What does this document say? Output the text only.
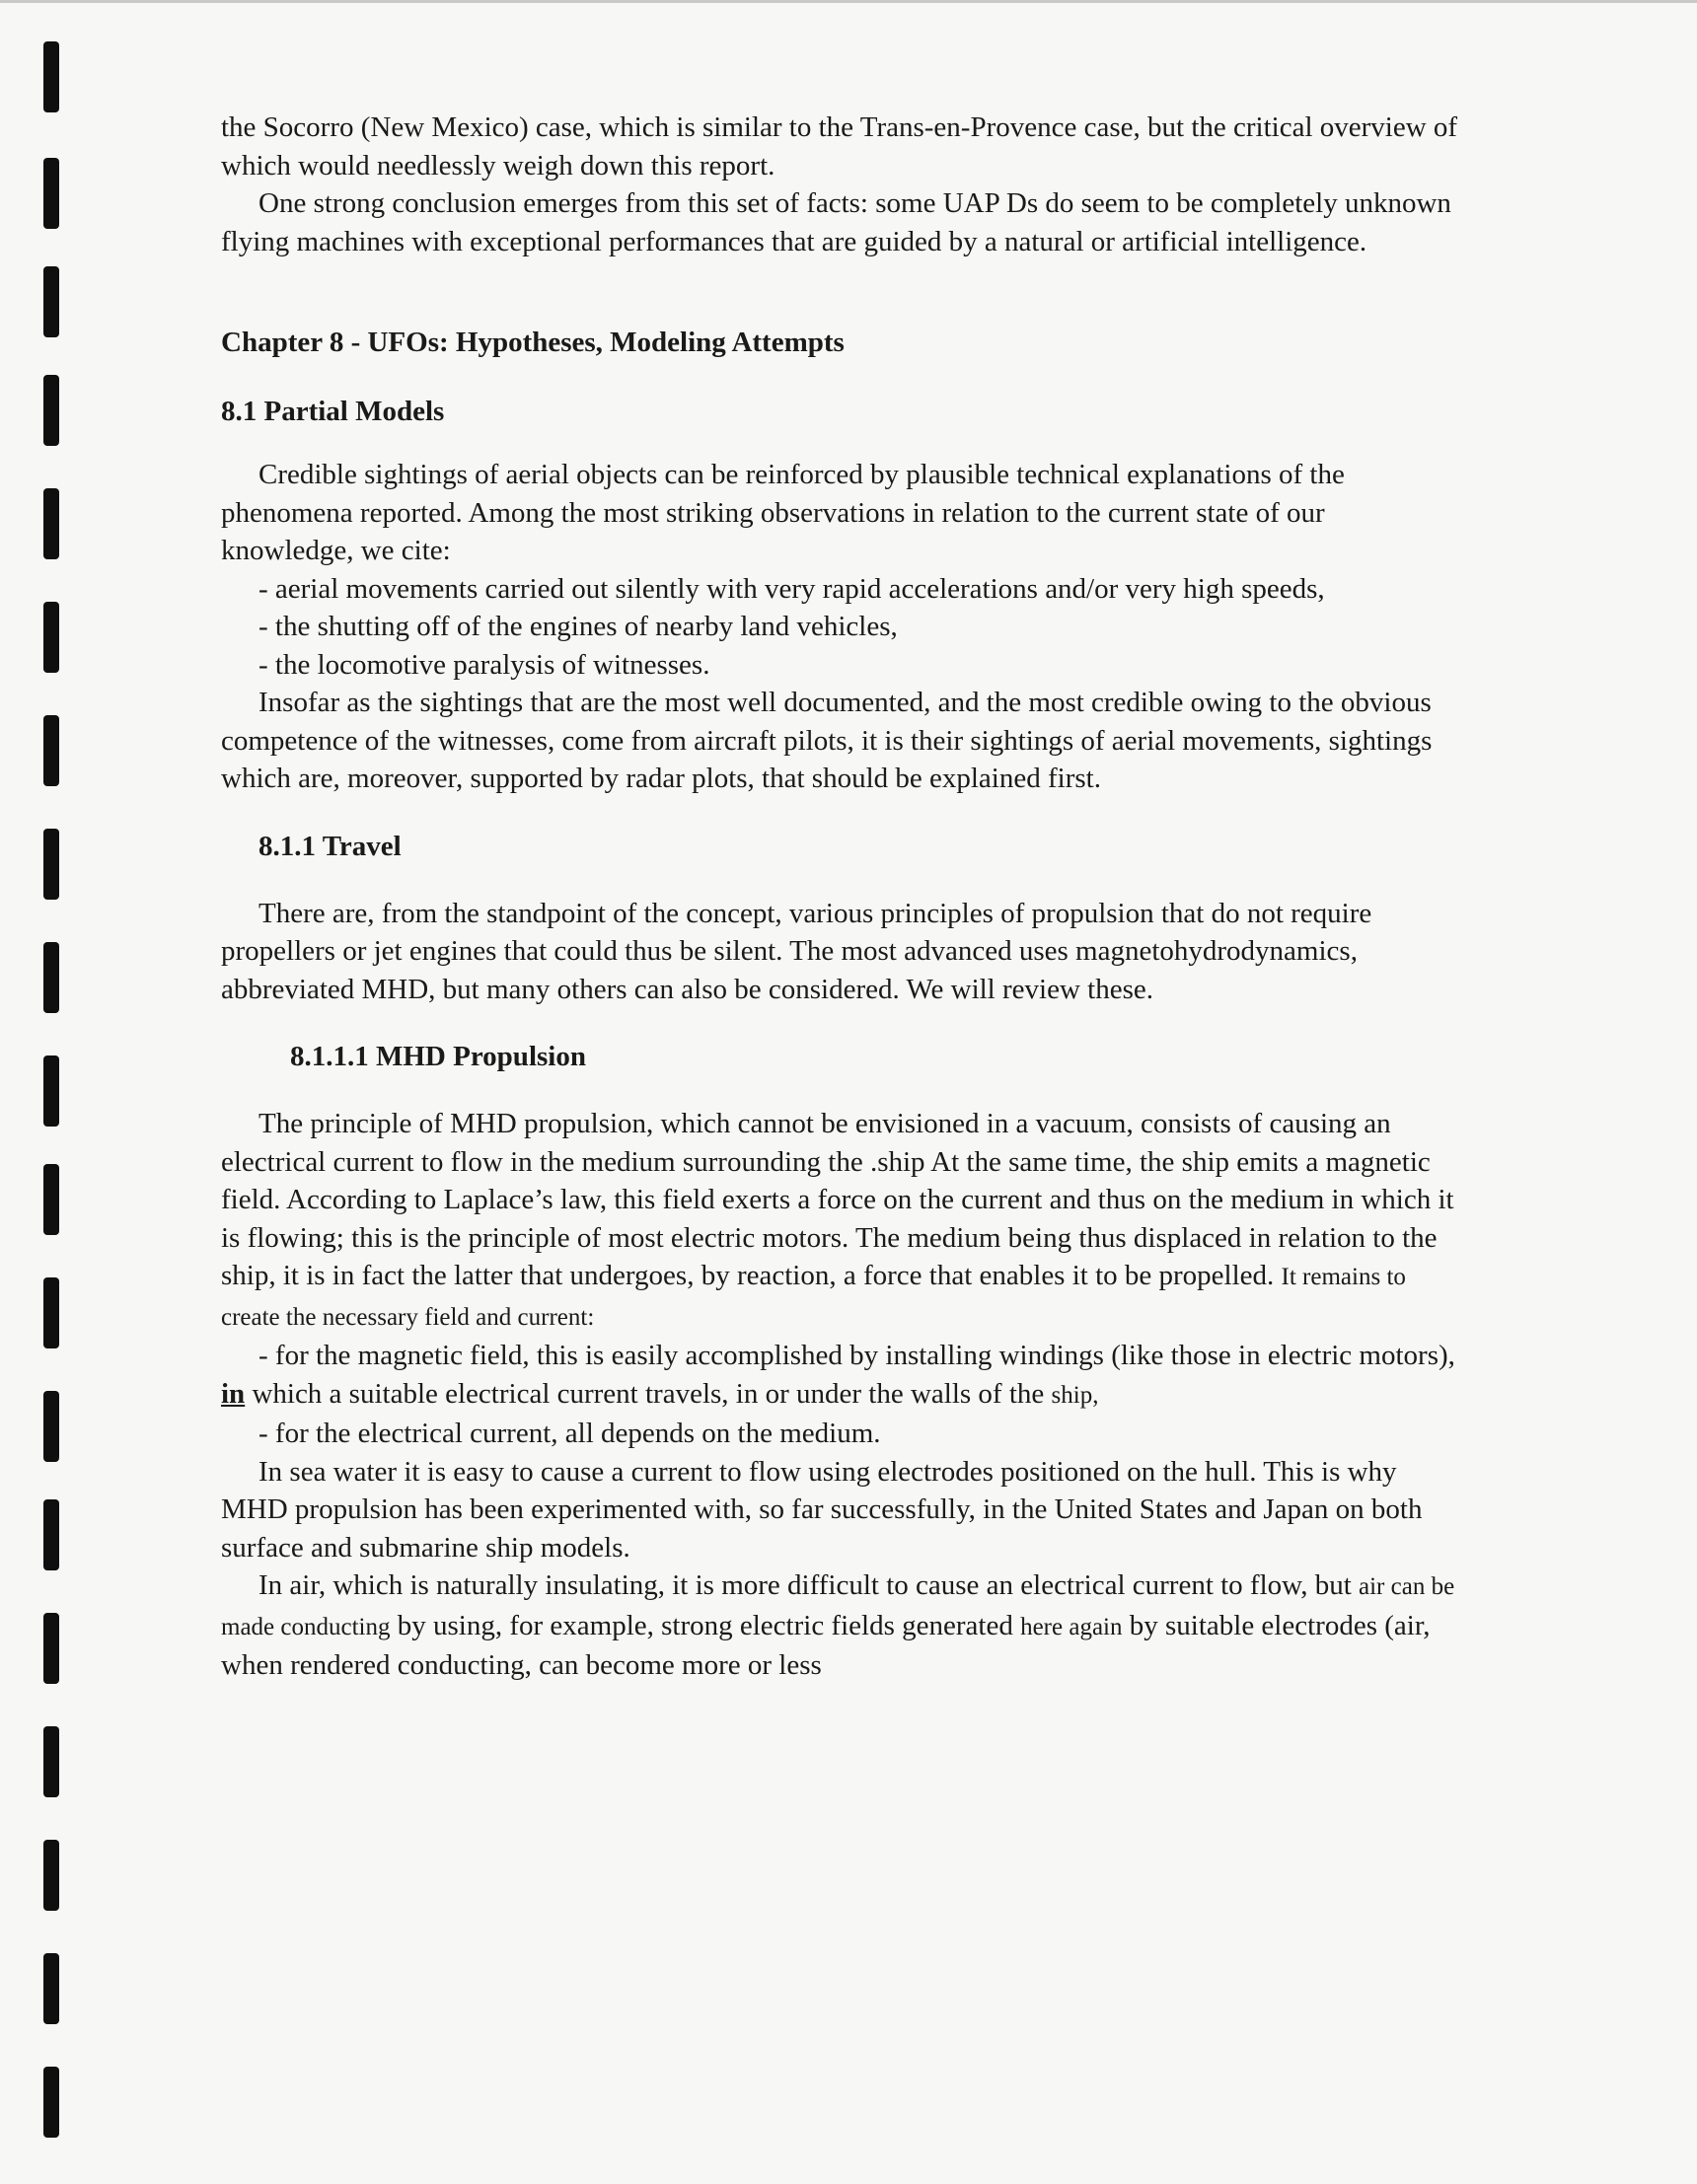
the Socorro (New Mexico) case, which is similar to the Trans-en-Provence case, but the critical overview of which would needlessly weigh down this report.

One strong conclusion emerges from this set of facts: some UAP Ds do seem to be completely unknown flying machines with exceptional performances that are guided by a natural or artificial intelligence.

Chapter 8 - UFOs: Hypotheses, Modeling Attempts
8.1 Partial Models

Credible sightings of aerial objects can be reinforced by plausible technical explanations of the phenomena reported. Among the most striking observations in relation to the current state of our knowledge, we cite:

- aerial movements carried out silently with very rapid accelerations and/or very high speeds,

- the shutting off of the engines of nearby land vehicles,

- the locomotive paralysis of witnesses.

Insofar as the sightings that are the most well documented, and the most credible owing to the obvious competence of the witnesses, come from aircraft pilots, it is their sightings of aerial movements, sightings which are, moreover, supported by radar plots, that should be explained first.

8.1.1 Travel

There are, from the standpoint of the concept, various principles of propulsion that do not require propellers or jet engines that could thus be silent. The most advanced uses magnetohydrodynamics, abbreviated MHD, but many others can also be considered. We will review these.

8.1.1.1 MHD Propulsion

The principle of MHD propulsion, which cannot be envisioned in a vacuum, consists of causing an electrical current to flow in the medium surrounding the .ship At the same time, the ship emits a magnetic field. According to Laplace’s law, this field exerts a force on the current and thus on the medium in which it is flowing; this is the principle of most electric motors. The medium being thus displaced in relation to the ship, it is in fact the latter that undergoes, by reaction, a force that enables it to be propelled. It remains to create the necessary field and current:

- for the magnetic field, this is easily accomplished by installing windings (like those in electric motors), in which a suitable electrical current travels, in or under the walls of the ship,

- for the electrical current, all depends on the medium.

In sea water it is easy to cause a current to flow using electrodes positioned on the hull. This is why MHD propulsion has been experimented with, so far successfully, in the United States and Japan on both surface and submarine ship models.

In air, which is naturally insulating, it is more difficult to cause an electrical current to flow, but air can be made conducting by using, for example, strong electric fields generated here again by suitable electrodes (air, when rendered conducting, can become more or less
